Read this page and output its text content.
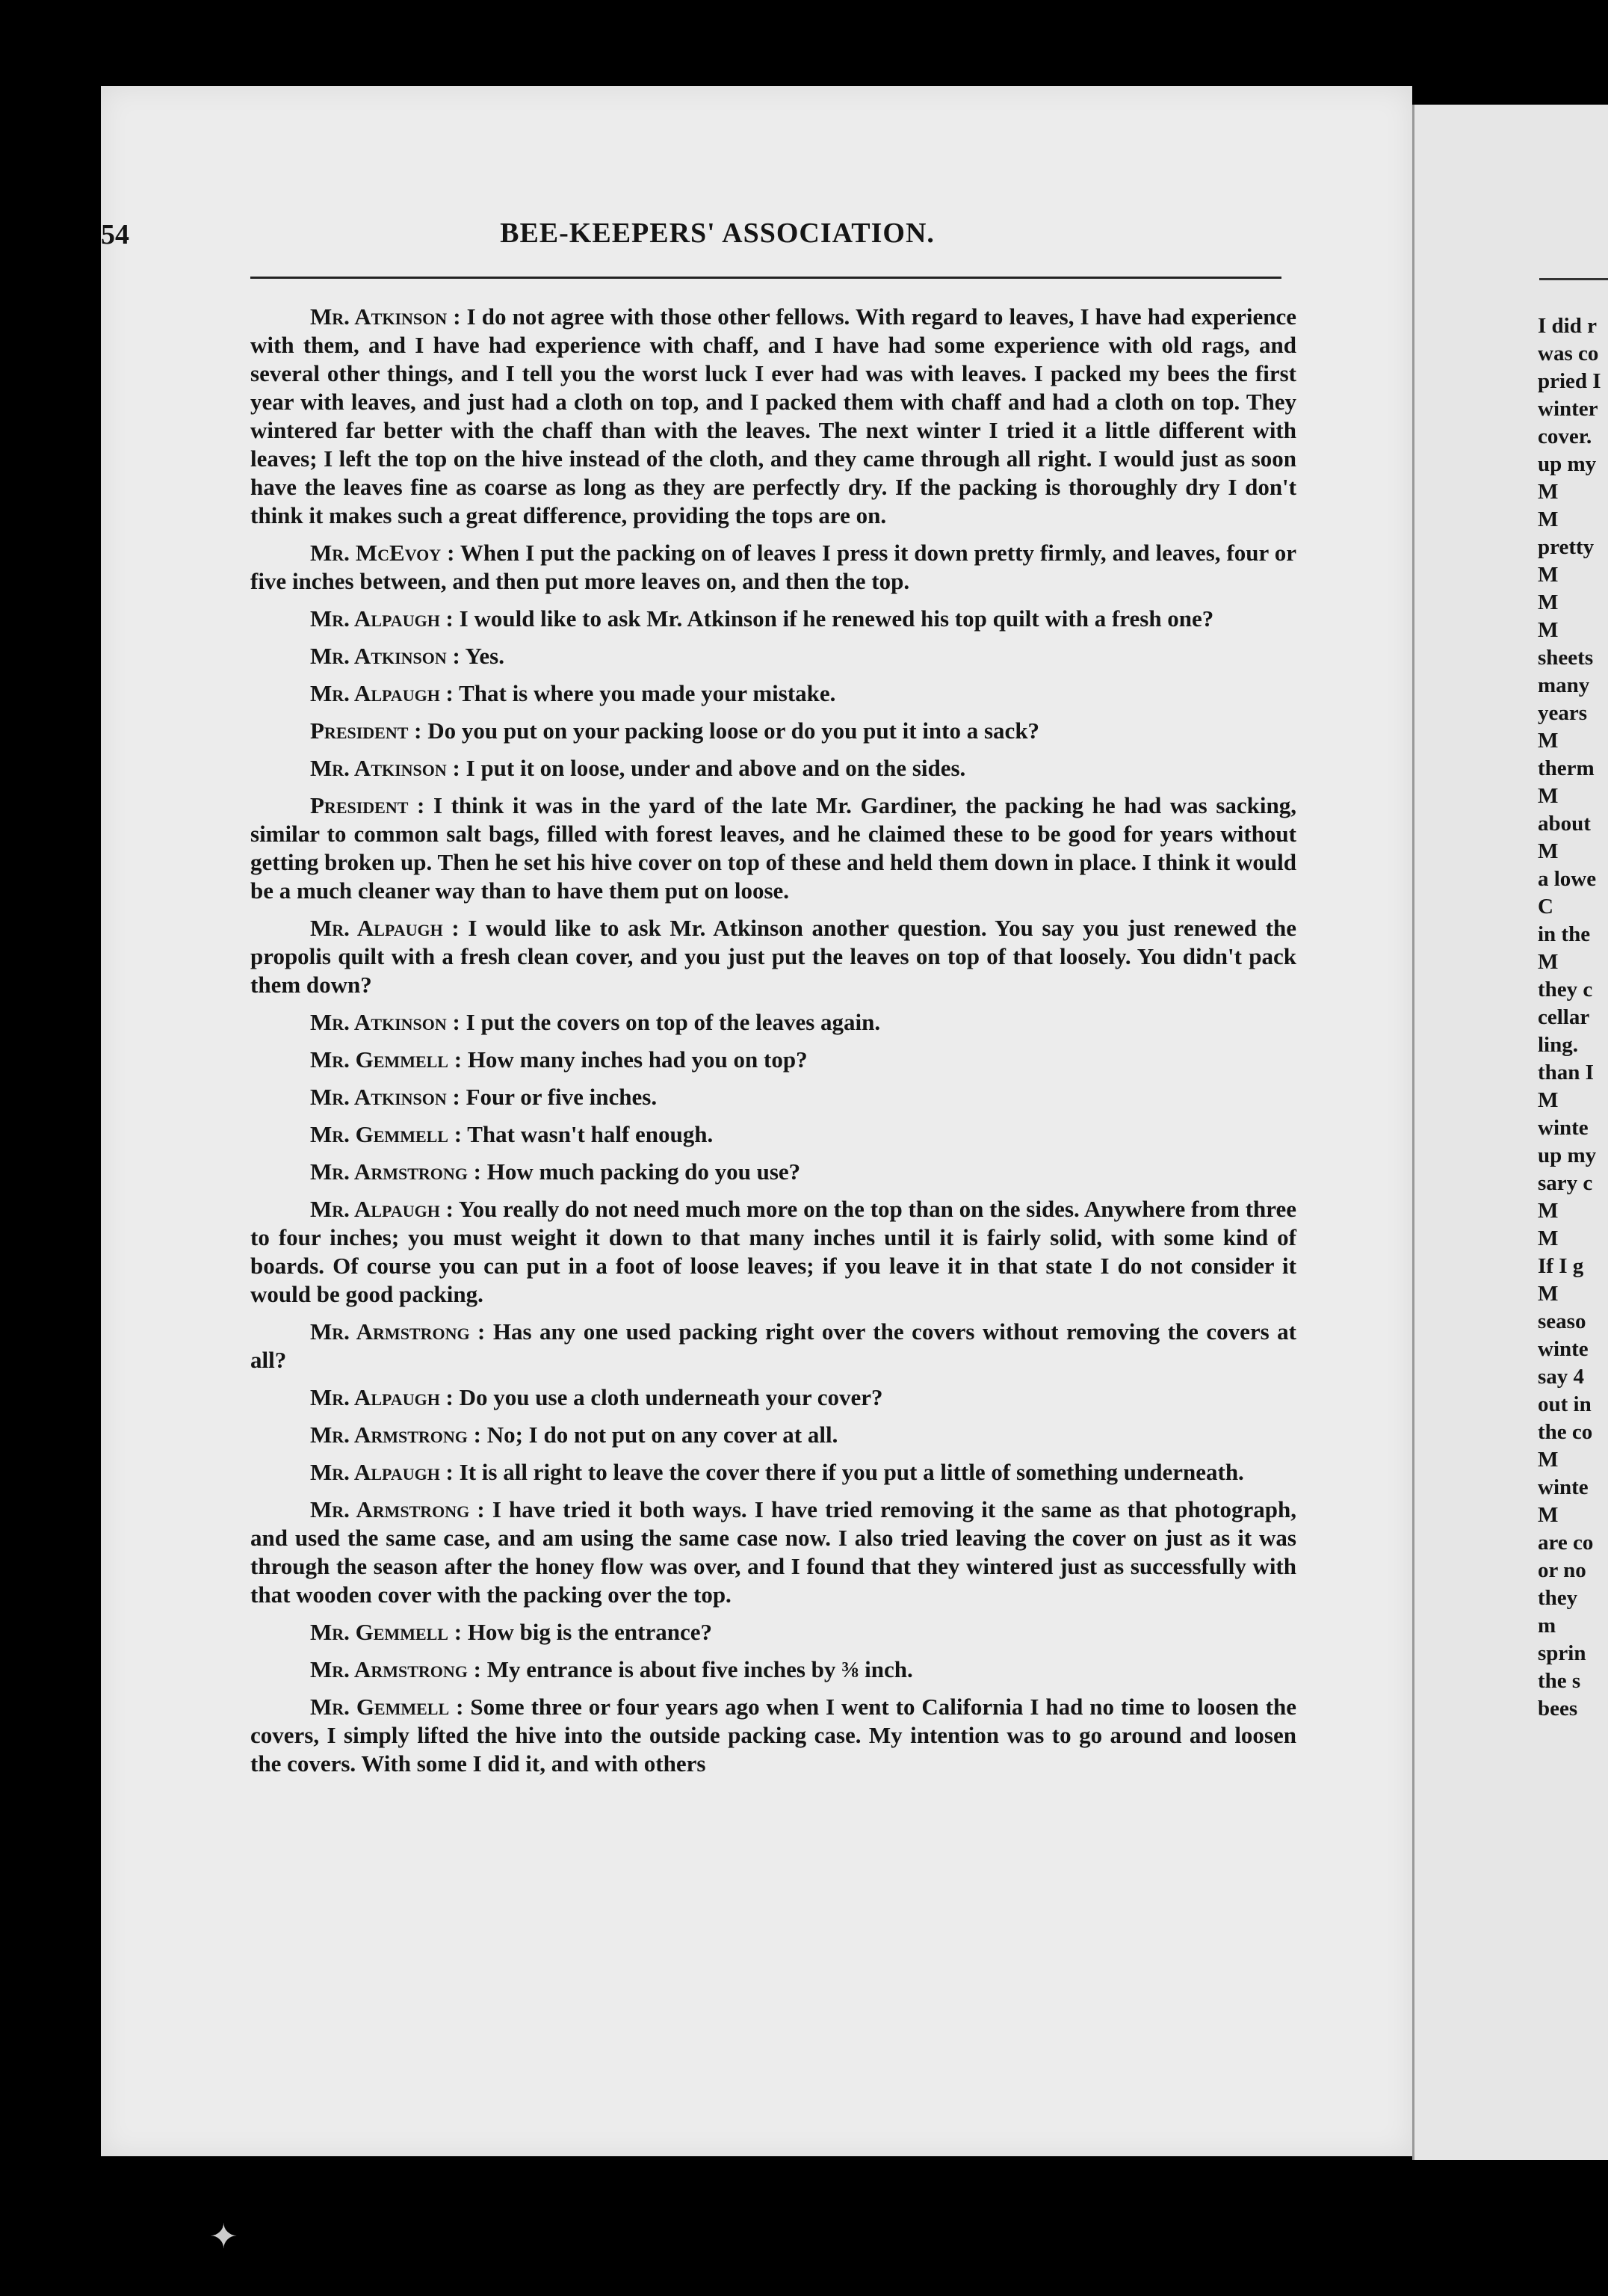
BEE-KEEPERS' ASSOCIATION.
54

Mr. Atkinson : I do not agree with those other fellows. With regard to leaves, I have had experience with them, and I have had experience with chaff, and I have had some experience with old rags, and several other things, and I tell you the worst luck I ever had was with leaves. I packed my bees the first year with leaves, and just had a cloth on top, and I packed them with chaff and had a cloth on top. They wintered far better with the chaff than with the leaves. The next winter I tried it a little different with leaves; I left the top on the hive instead of the cloth, and they came through all right. I would just as soon have the leaves fine as coarse as long as they are perfectly dry. If the packing is thoroughly dry I don't think it makes such a great difference, providing the tops are on.

Mr. McEvoy : When I put the packing on of leaves I press it down pretty firmly, and leaves, four or five inches between, and then put more leaves on, and then the top.

Mr. Alpaugh : I would like to ask Mr. Atkinson if he renewed his top quilt with a fresh one?

Mr. Atkinson : Yes.

Mr. Alpaugh : That is where you made your mistake.

President : Do you put on your packing loose or do you put it into a sack?

Mr. Atkinson : I put it on loose, under and above and on the sides.

President : I think it was in the yard of the late Mr. Gardiner, the packing he had was sacking, similar to common salt bags, filled with forest leaves, and he claimed these to be good for years without getting broken up. Then he set his hive cover on top of these and held them down in place. I think it would be a much cleaner way than to have them put on loose.

Mr. Alpaugh : I would like to ask Mr. Atkinson another question. You say you just renewed the propolis quilt with a fresh clean cover, and you just put the leaves on top of that loosely. You didn't pack them down?

Mr. Atkinson : I put the covers on top of the leaves again.

Mr. Gemmell : How many inches had you on top?

Mr. Atkinson : Four or five inches.

Mr. Gemmell : That wasn't half enough.

Mr. Armstrong : How much packing do you use?

Mr. Alpaugh : You really do not need much more on the top than on the sides. Anywhere from three to four inches; you must weight it down to that many inches until it is fairly solid, with some kind of boards. Of course you can put in a foot of loose leaves; if you leave it in that state I do not consider it would be good packing.

Mr. Armstrong : Has any one used packing right over the covers without removing the covers at all?

Mr. Alpaugh : Do you use a cloth underneath your cover?

Mr. Armstrong : No; I do not put on any cover at all.

Mr. Alpaugh : It is all right to leave the cover there if you put a little of something underneath.

Mr. Armstrong : I have tried it both ways. I have tried removing it the same as that photograph, and used the same case, and am using the same case now. I also tried leaving the cover on just as it was through the season after the honey flow was over, and I found that they wintered just as successfully with that wooden cover with the packing over the top.

Mr. Gemmell : How big is the entrance?

Mr. Armstrong : My entrance is about five inches by ⅜ inch.

Mr. Gemmell : Some three or four years ago when I went to California I had no time to loosen the covers, I simply lifted the hive into the outside packing case. My intention was to go around and loosen the covers. With some I did it, and with others

I did r
was co
pried I
winter
cover.
up my
M
M
pretty
M
M
M
sheets
many
years
M
therm
M
about
M
a lowe
C
in the
M
they c
cellar
ling.
than I
M
winte
up my
sary c
M
M
If I g
M
seaso
winte
say 4
out in
the co
M
winte
M
are co
or no
they
m
sprin
the s
bees
✦
